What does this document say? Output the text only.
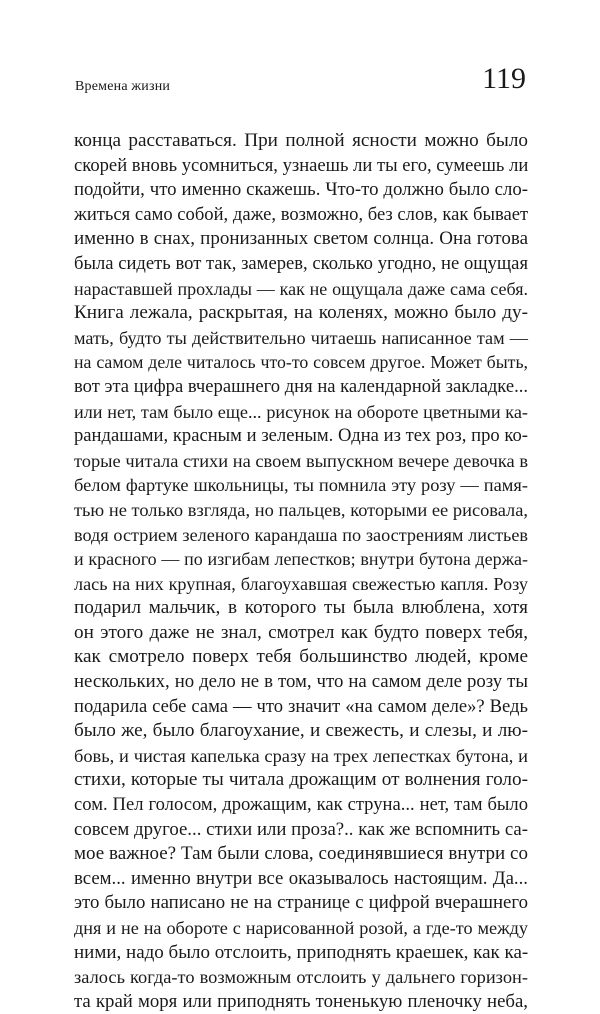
Времена жизни	119
конца расставаться. При полной ясности можно было
скорей вновь усомниться, узнаешь ли ты его, сумеешь ли
подойти, что именно скажешь. Что-то должно было сло-
житься само собой, даже, возможно, без слов, как бывает
именно в снах, пронизанных светом солнца. Она готова
была сидеть вот так, замерев, сколько угодно, не ощущая
нараставшей прохлады — как не ощущала даже сама себя.
Книга лежала, раскрытая, на коленях, можно было ду-
мать, будто ты действительно читаешь написанное там —
на самом деле читалось что-то совсем другое. Может быть,
вот эта цифра вчерашнего дня на календарной закладке...
или нет, там было еще... рисунок на обороте цветными ка-
рандашами, красным и зеленым. Одна из тех роз, про ко-
торые читала стихи на своем выпускном вечере девочка в
белом фартуке школьницы, ты помнила эту розу — памя-
тью не только взгляда, но пальцев, которыми ее рисовала,
водя острием зеленого карандаша по заострениям листьев
и красного — по изгибам лепестков; внутри бутона держа-
лась на них крупная, благоухавшая свежестью капля. Розу
подарил мальчик, в которого ты была влюблена, хотя
он этого даже не знал, смотрел как будто поверх тебя,
как смотрело поверх тебя большинство людей, кроме
нескольких, но дело не в том, что на самом деле розу ты
подарила себе сама — что значит «на самом деле»? Ведь
было же, было благоухание, и свежесть, и слезы, и лю-
бовь, и чистая капелька сразу на трех лепестках бутона, и
стихи, которые ты читала дрожащим от волнения голо-
сом. Пел голосом, дрожащим, как струна... нет, там было
совсем другое... стихи или проза?.. как же вспомнить са-
мое важное? Там были слова, соединявшиеся внутри со
всем... именно внутри все оказывалось настоящим. Да...
это было написано не на странице с цифрой вчерашнего
дня и не на обороте с нарисованной розой, а где-то между
ними, надо было отслоить, приподнять краешек, как ка-
залось когда-то возможным отслоить у дальнего горизон-
та край моря или приподнять тоненькую пленочку неба,
